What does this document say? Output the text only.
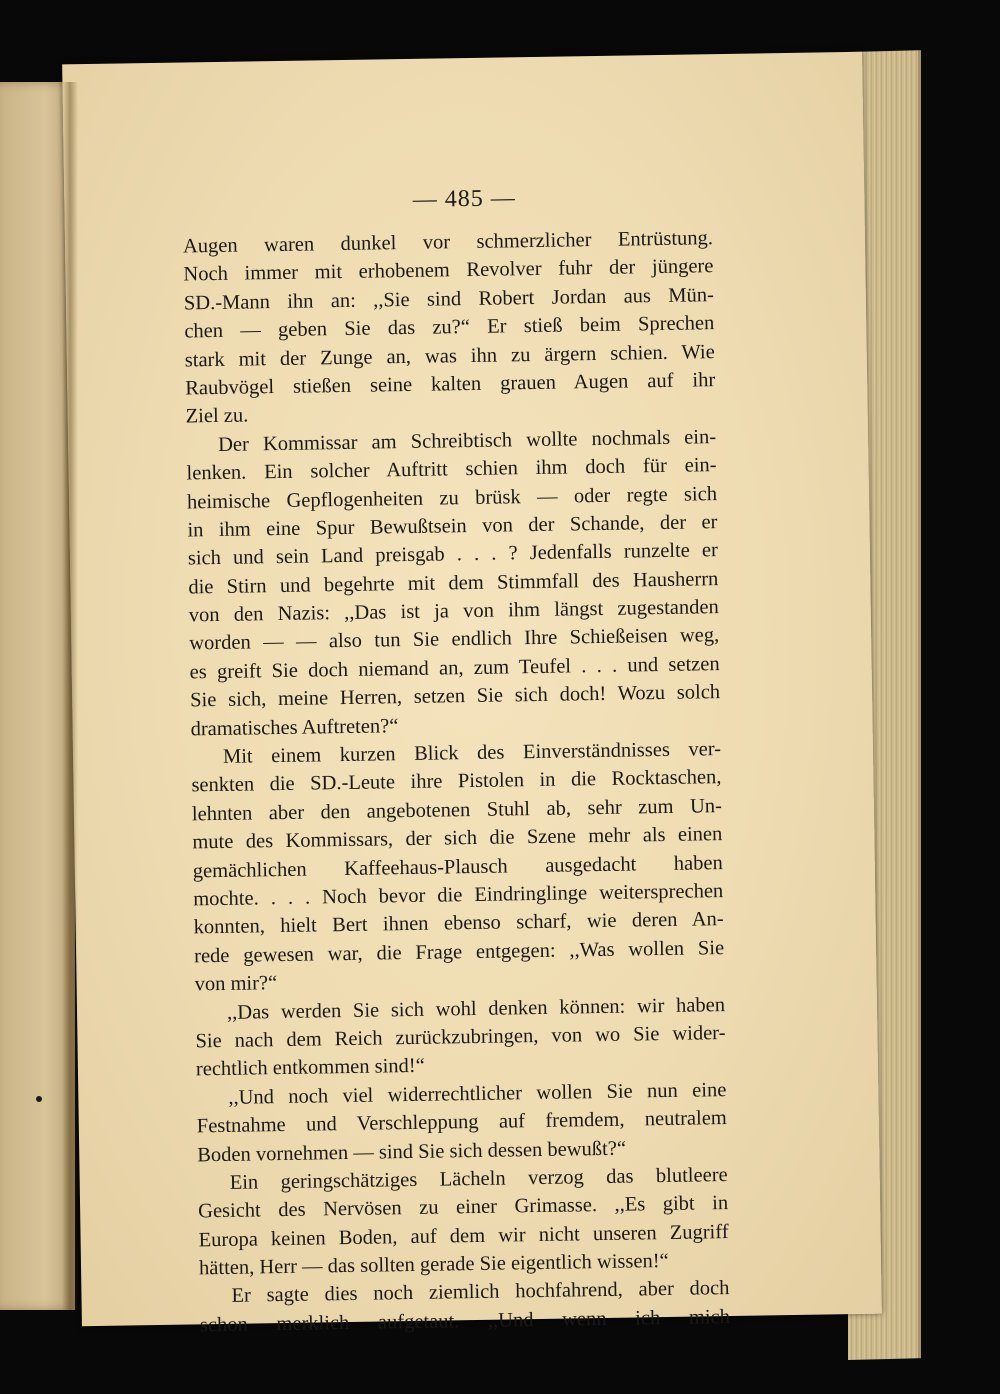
— 485 —
Augen waren dunkel vor schmerzlicher Entrüstung.
Noch immer mit erhobenem Revolver fuhr der jüngere
SD.-Mann ihn an: ,,Sie sind Robert Jordan aus Mün-
chen — geben Sie das zu?“ Er stieß beim Sprechen
stark mit der Zunge an, was ihn zu ärgern schien. Wie
Raubvögel stießen seine kalten grauen Augen auf ihr
Ziel zu.
Der Kommissar am Schreibtisch wollte nochmals ein-
lenken. Ein solcher Auftritt schien ihm doch für ein-
heimische Gepflogenheiten zu brüsk — oder regte sich
in ihm eine Spur Bewußtsein von der Schande, der er
sich und sein Land preisgab . . . ? Jedenfalls runzelte er
die Stirn und begehrte mit dem Stimmfall des Hausherrn
von den Nazis: ,,Das ist ja von ihm längst zugestanden
worden — — also tun Sie endlich Ihre Schießeisen weg,
es greift Sie doch niemand an, zum Teufel . . . und setzen
Sie sich, meine Herren, setzen Sie sich doch! Wozu solch
dramatisches Auftreten?“
Mit einem kurzen Blick des Einverständnisses ver-
senkten die SD.-Leute ihre Pistolen in die Rocktaschen,
lehnten aber den angebotenen Stuhl ab, sehr zum Un-
mute des Kommissars, der sich die Szene mehr als einen
gemächlichen Kaffeehaus-Plausch ausgedacht haben
mochte. . . . Noch bevor die Eindringlinge weitersprechen
konnten, hielt Bert ihnen ebenso scharf, wie deren An-
rede gewesen war, die Frage entgegen: ,,Was wollen Sie
von mir?“
,,Das werden Sie sich wohl denken können: wir haben
Sie nach dem Reich zurückzubringen, von wo Sie wider-
rechtlich entkommen sind!“
,,Und noch viel widerrechtlicher wollen Sie nun eine
Festnahme und Verschleppung auf fremdem, neutralem
Boden vornehmen — sind Sie sich dessen bewußt?“
Ein geringschätziges Lächeln verzog das blutleere
Gesicht des Nervösen zu einer Grimasse. ,,Es gibt in
Europa keinen Boden, auf dem wir nicht unseren Zugriff
hätten, Herr — das sollten gerade Sie eigentlich wissen!“
Er sagte dies noch ziemlich hochfahrend, aber doch
schon merklich aufgetaut. ,,Und wenn ich mich
